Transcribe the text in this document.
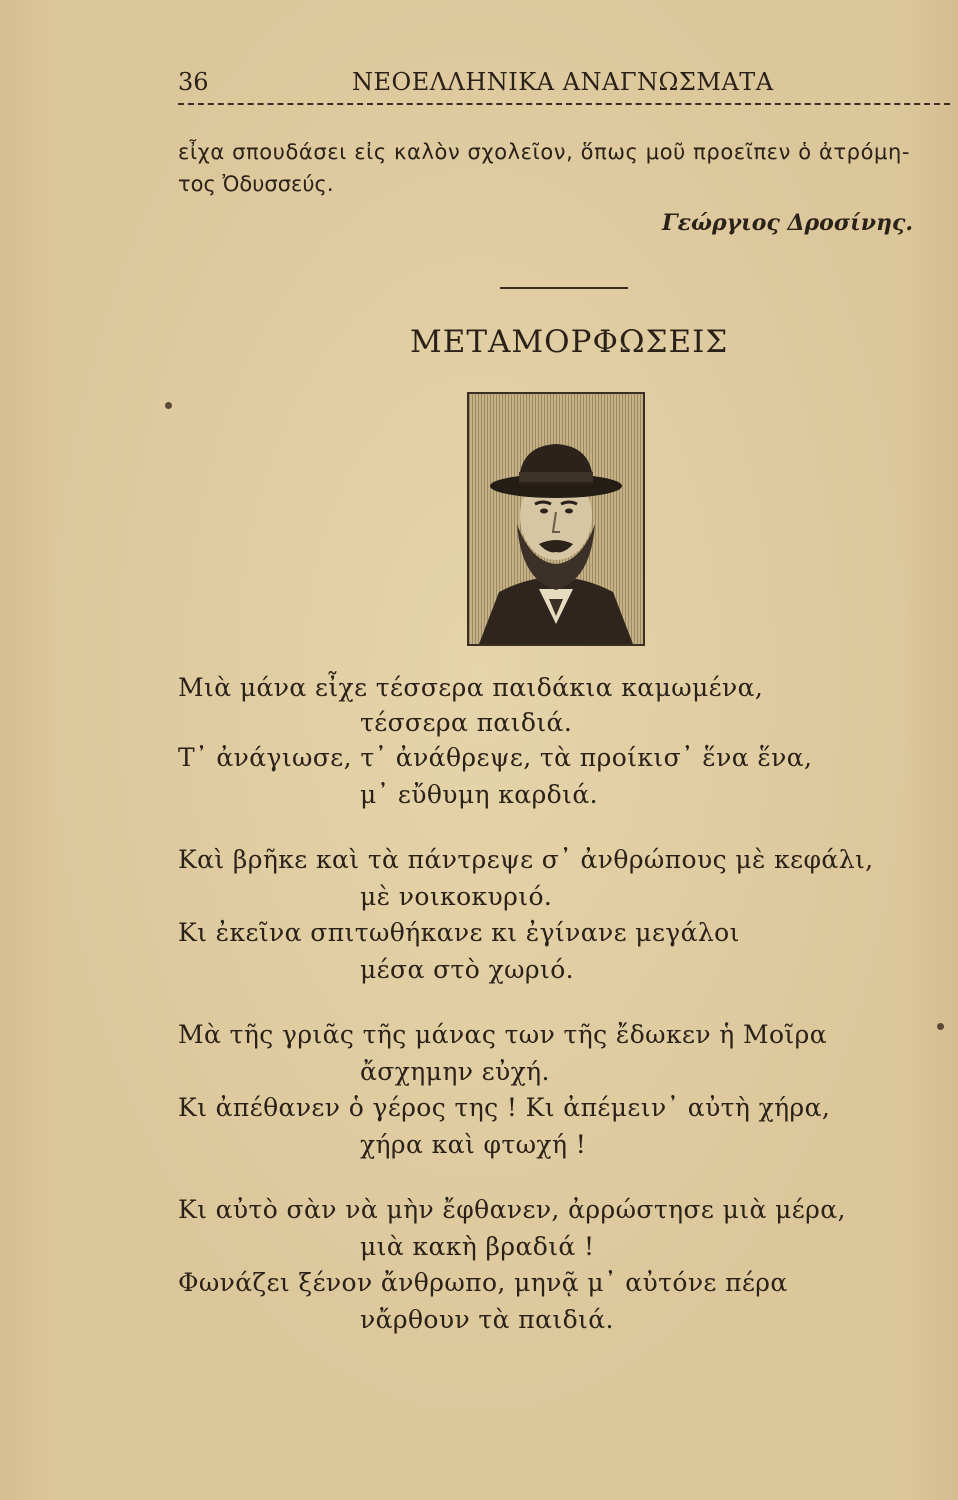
36	ΝΕΟΕΛΛΗΝΙΚΑ ΑΝΑΓΝΩΣΜΑΤΑ
εἶχα σπουδάσει εἰς καλὸν σχολεῖον, ὅπως μοῦ προεῖπεν ὁ ἀτρόμη-
τος Ὀδυσσεύς.
Γεώργιος Δροσίνης.
ΜΕΤΑΜΟΡΦΩΣΕΙΣ
Μιὰ μάνα εἶχε τέσσερα παιδάκια καμωμένα,
τέσσερα παιδιά.
Τ᾿ ἀνάγιωσε, τ᾿ ἀνάθρεψε, τὰ προίκισ᾿ ἕνα ἕνα,
μ᾿ εὔθυμη καρδιά.
Καὶ βρῆκε καὶ τὰ πάντρεψε σ᾿ ἀνθρώπους μὲ κεφάλι,
μὲ νοικοκυριό.
Κι ἐκεῖνα σπιτωθήκανε κι ἐγίνανε μεγάλοι
μέσα στὸ χωριό.
Μὰ τῆς γριᾶς τῆς μάνας των τῆς ἔδωκεν ἡ Μοῖρα
ἄσχημην εὐχή.
Κι ἀπέθανεν ὁ γέρος της ! Κι ἀπέμειν᾿ αὐτὴ χήρα,
χήρα καὶ φτωχή !
Κι αὐτὸ σὰν νὰ μὴν ἔφθανεν, ἀρρώστησε μιὰ μέρα,
μιὰ κακὴ βραδιά !
Φωνάζει ξένον ἄνθρωπο, μηνᾷ μ᾿ αὐτόνε πέρα
νἄρθουν τὰ παιδιά.
